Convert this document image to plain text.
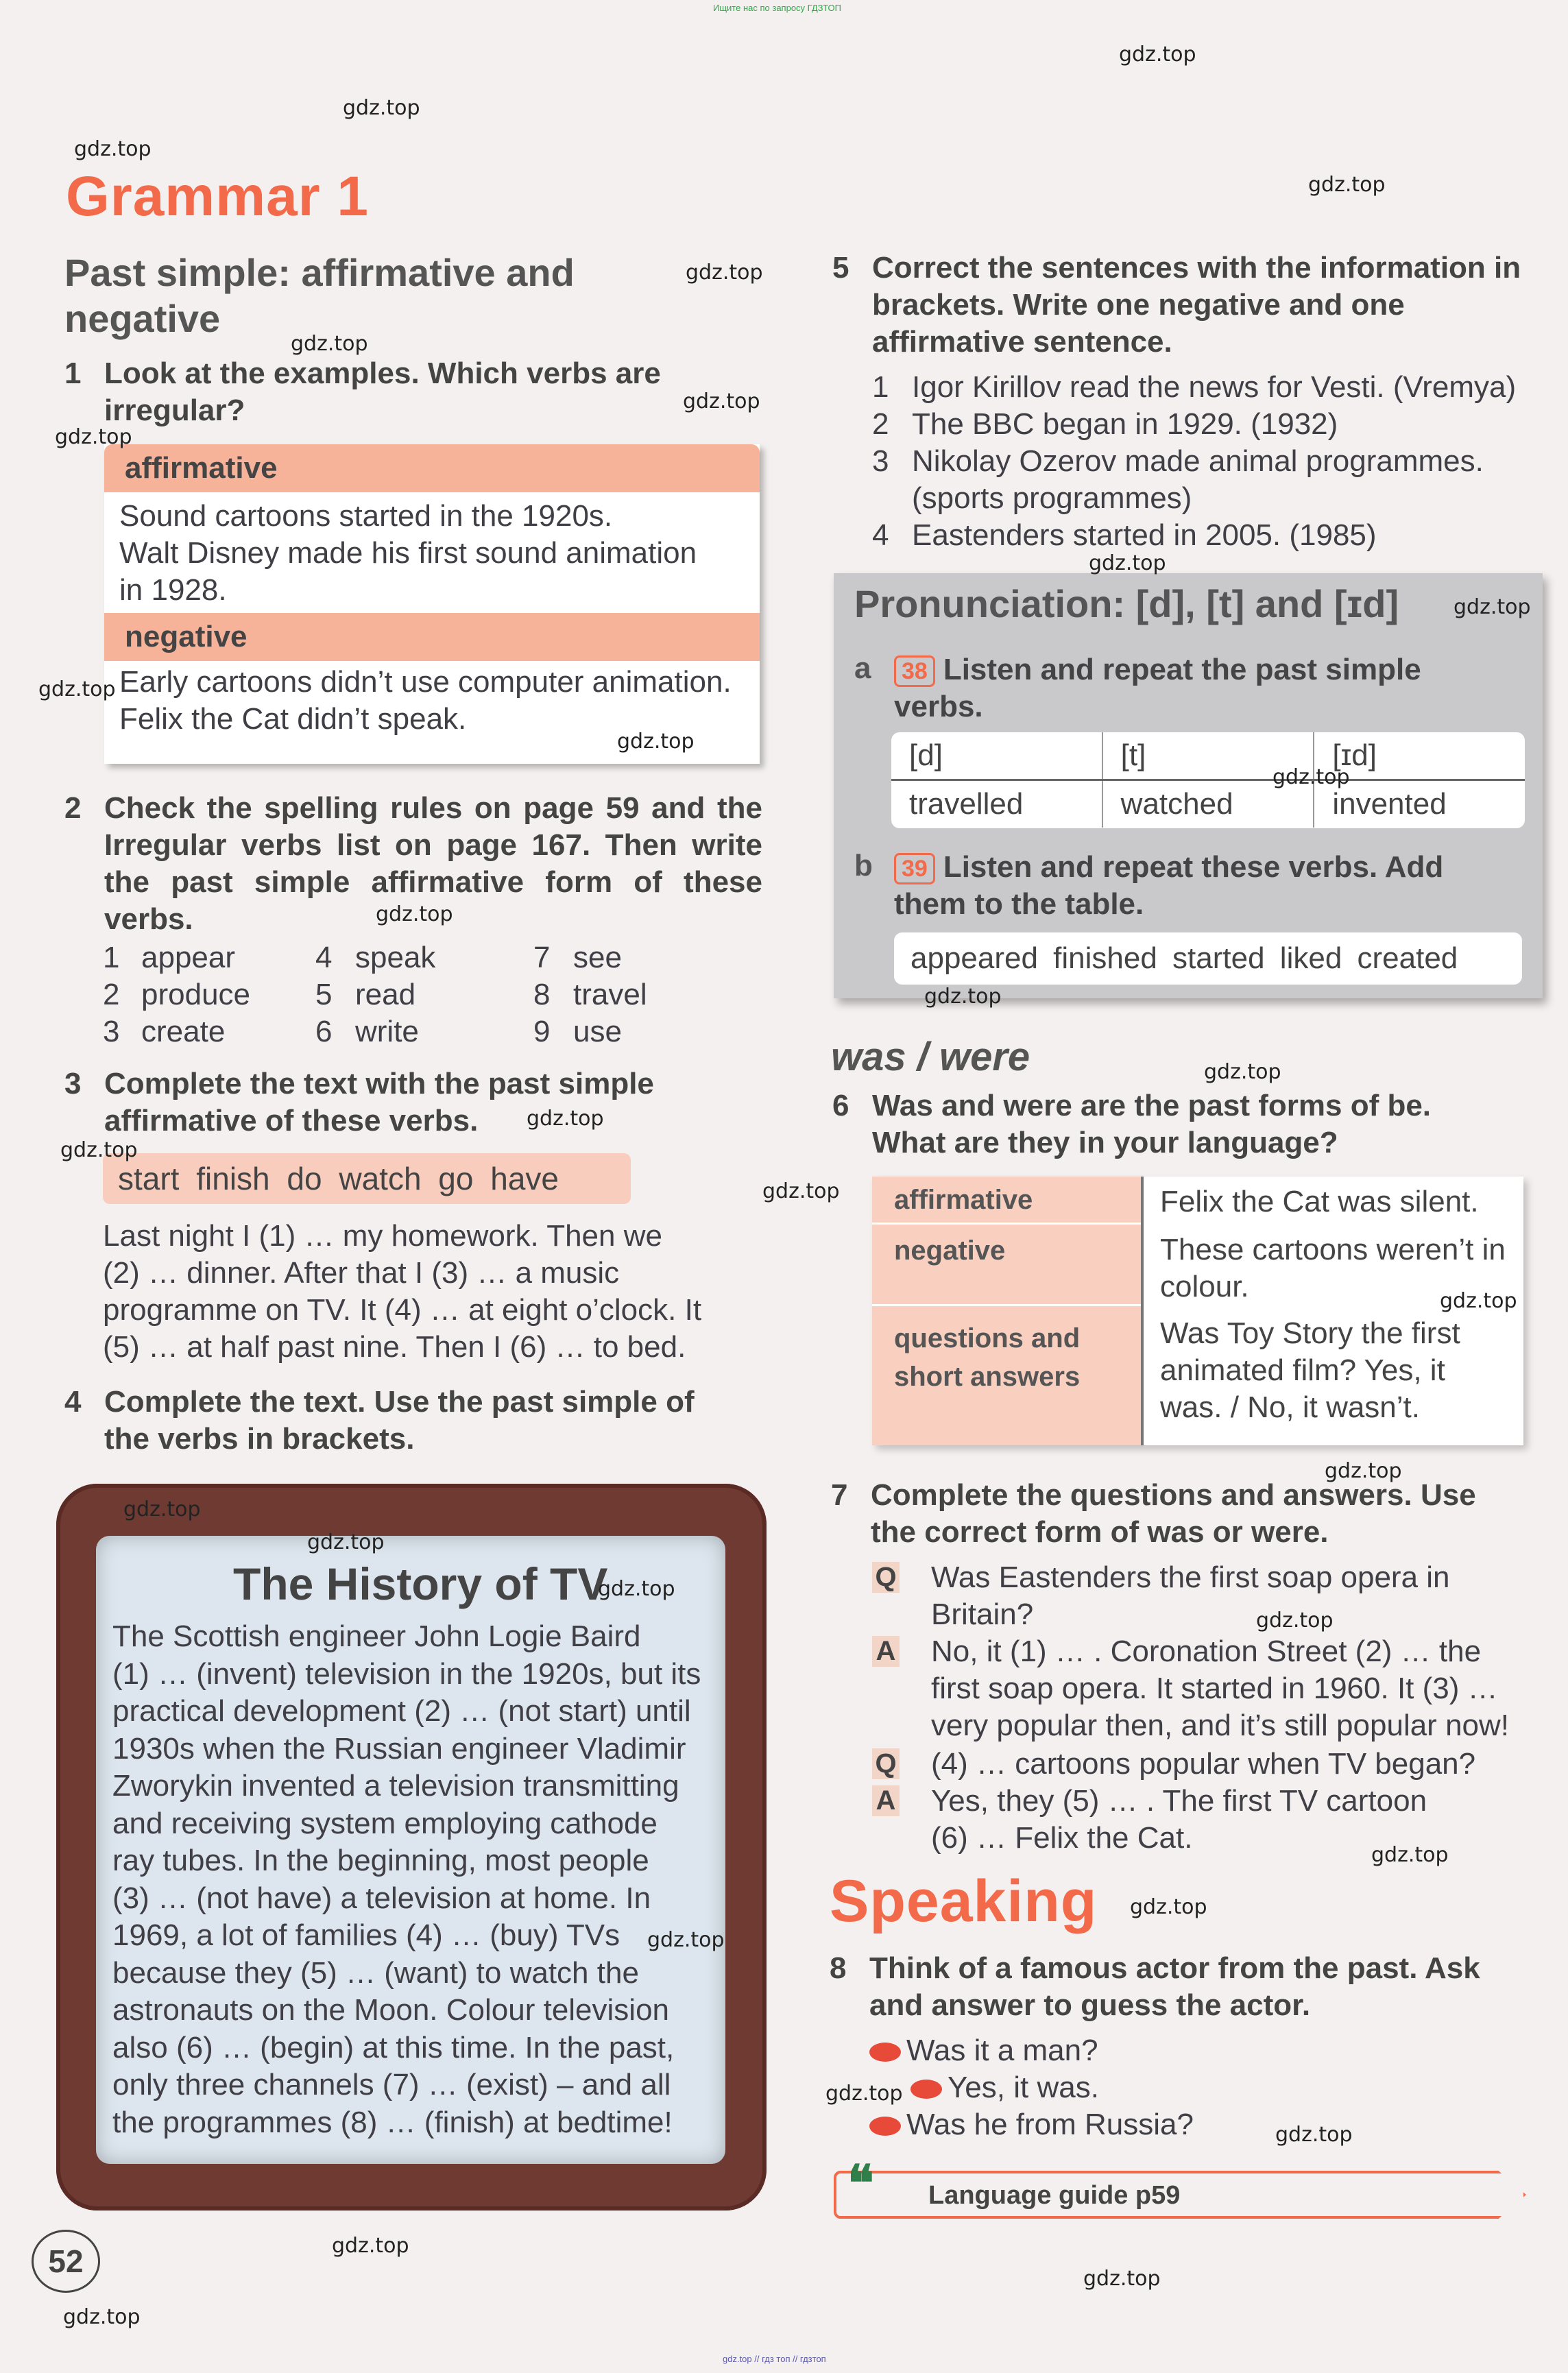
Ищите нас по запросу ГДЗТОП
Grammar 1
Past simple: affirmative and negative
1 Look at the examples. Which verbs are irregular?
affirmative
Sound cartoons started in the 1920s.
Walt Disney made his first sound animation
in 1928.
negative
Early cartoons didn’t use computer animation.
Felix the Cat didn’t speak.
2 Check the spelling rules on page 59 and the Irregular verbs list on page 167. Then write the past simple affirmative form of these verbs.
1 appear
2 produce
3 create
4 speak
5 read
6 write
7 see
8 travel
9 use
3 Complete the text with the past simple affirmative of these verbs.
start finish do watch go have
Last night I (1) … my homework. Then we
(2) … dinner. After that I (3) … a music
programme on TV. It (4) … at eight o’clock. It
(5) … at half past nine. Then I (6) … to bed.
4 Complete the text. Use the past simple of the verbs in brackets.
The History of TV
The Scottish engineer John Logie Baird
(1) … (invent) television in the 1920s, but its
practical development (2) … (not start) until
1930s when the Russian engineer Vladimir
Zworykin invented a television transmitting
and receiving system employing cathode
ray tubes. In the beginning, most people
(3) … (not have) a television at home. In
1969, a lot of families (4) … (buy) TVs
because they (5) … (want) to watch the
astronauts on the Moon. Colour television
also (6) … (begin) at this time. In the past,
only three channels (7) … (exist) – and all
the programmes (8) … (finish) at bedtime!
52
5 Correct the sentences with the information in brackets. Write one negative and one affirmative sentence.
1 Igor Kirillov read the news for Vesti. (Vremya)
2 The BBC began in 1929. (1932)
3 Nikolay Ozerov made animal programmes.
(sports programmes)
4 Eastenders started in 2005. (1985)
Pronunciation: [d], [t] and [ɪd]
a	38 Listen and repeat the past simple verbs.
[d]	[t]	[ɪd]
travelled	watched	invented
b	39 Listen and repeat these verbs. Add them to the table.
appeared finished started liked created
was / were
6 Was and were are the past forms of be. What are they in your language?
affirmative	Felix the Cat was silent.
negative	These cartoons weren’t in colour.
questions and short answers
Was Toy Story the first animated film? Yes, it was. / No, it wasn’t.
7 Complete the questions and answers. Use the correct form of was or were.
Q Was Eastenders the first soap opera in
Britain?
A No, it (1) … . Coronation Street (2) … the
first soap opera. It started in 1960. It (3) …
very popular then, and it’s still popular now!
Q (4) … cartoons popular when TV began?
A Yes, they (5) … . The first TV cartoon
(6) … Felix the Cat.
Speaking
8 Think of a famous actor from the past. Ask and answer to guess the actor.
Was it a man?
Yes, it was.
Was he from Russia?
❝ Language guide p59
gdz.top
gdz.top
gdz.top
gdz.top
gdz.top
gdz.top
gdz.top
gdz.top
gdz.top
gdz.top
gdz.top
gdz.top
gdz.top
gdz.top
gdz.top
gdz.top
gdz.top
gdz.top
gdz.top
gdz.top
gdz.top
gdz.top
gdz.top
gdz.top
gdz.top
gdz.top
gdz.top
gdz.top
gdz.top
gdz.top
gdz.top
gdz.top
gdz.top
gdz.top // гдз топ // гдзтоп
